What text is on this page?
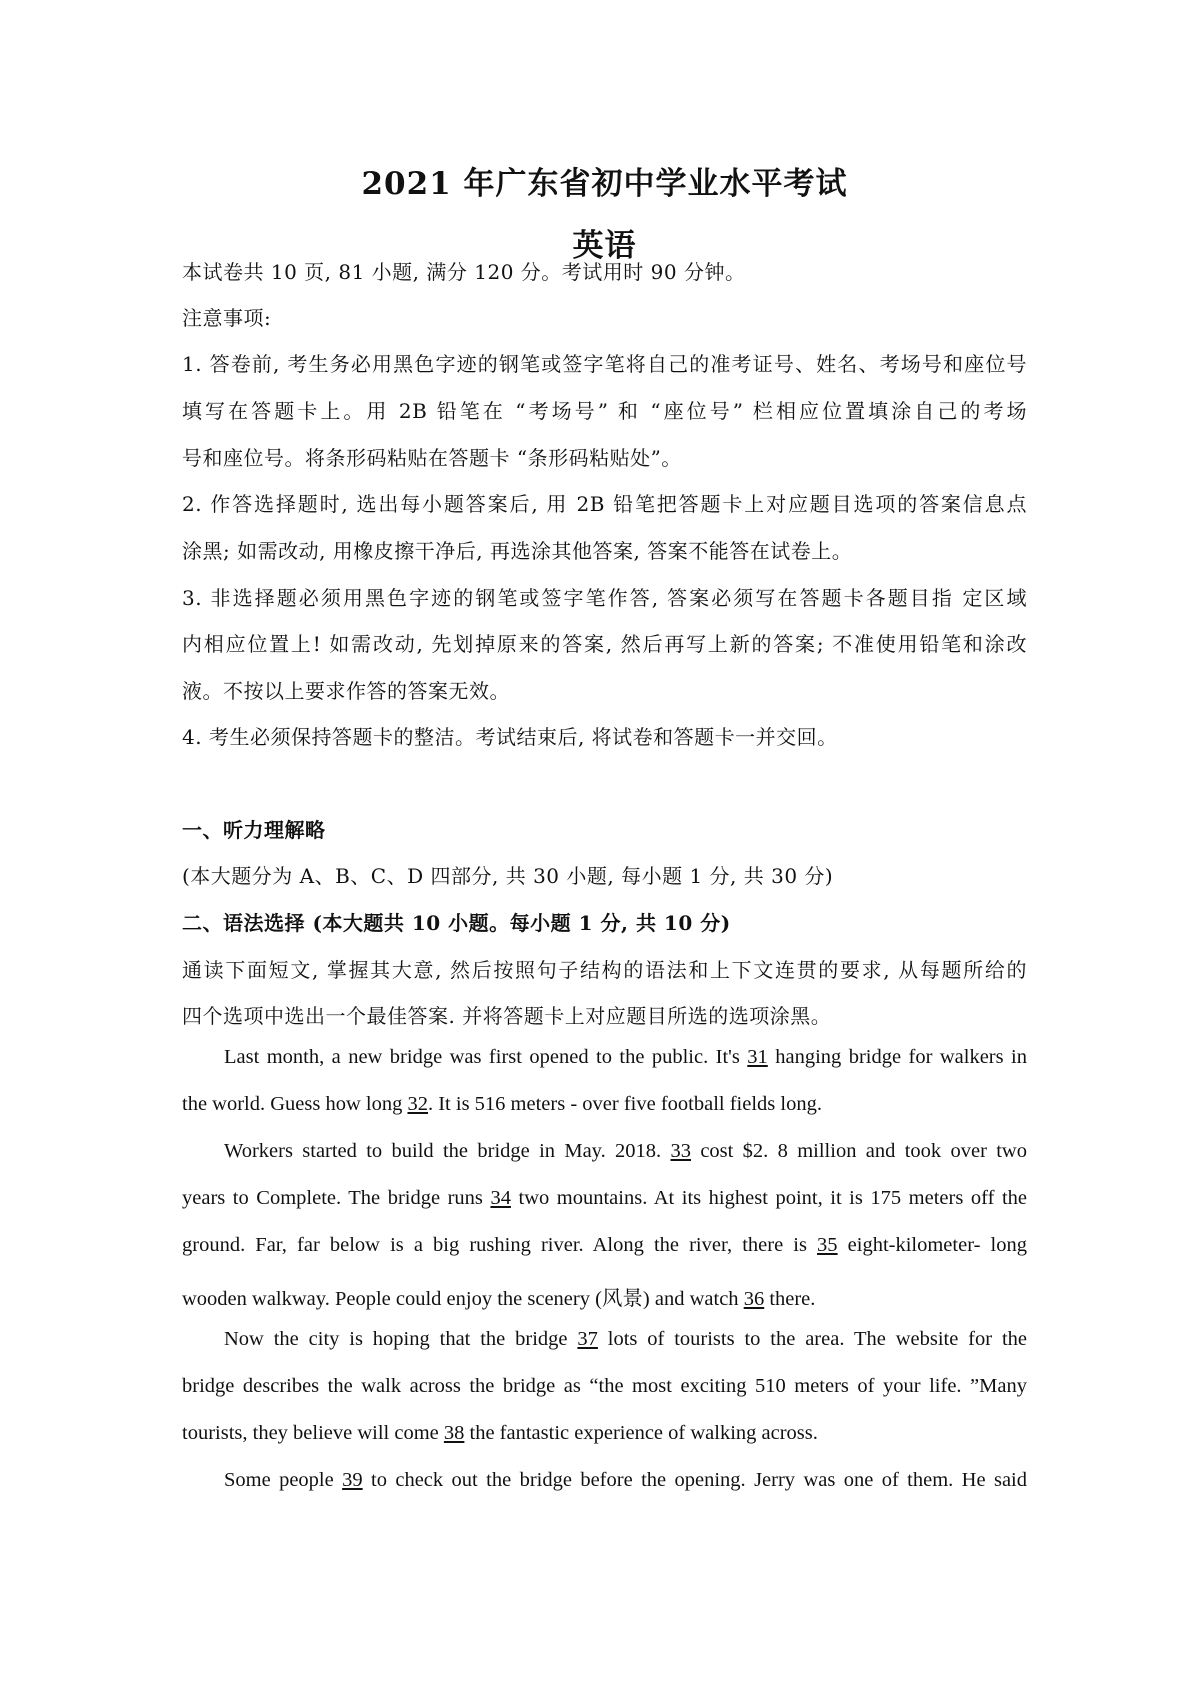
2021 年广东省初中学业水平考试
英语
本试卷共 10 页, 81 小题, 满分 120 分。考试用时 90 分钟。
注意事项:
1. 答卷前, 考生务必用黑色字迹的钢笔或签字笔将自己的准考证号、姓名、考场号和座位号
填写在答题卡上。用 2B 铅笔在 “考场号” 和 “座位号” 栏相应位置填涂自己的考场
号和座位号。将条形码粘贴在答题卡 “条形码粘贴处”。
2. 作答选择题时, 选出每小题答案后, 用 2B 铅笔把答题卡上对应题目选项的答案信息点
涂黑; 如需改动, 用橡皮擦干净后, 再选涂其他答案, 答案不能答在试卷上。
3. 非选择题必须用黑色字迹的钢笔或签字笔作答, 答案必须写在答题卡各题目指 定区域
内相应位置上! 如需改动, 先划掉原来的答案, 然后再写上新的答案; 不准使用铅笔和涂改
液。不按以上要求作答的答案无效。
4. 考生必须保持答题卡的整洁。考试结束后, 将试卷和答题卡一并交回。
一、听力理解略
(本大题分为 A、B、C、D 四部分, 共 30 小题, 每小题 1 分, 共 30 分)
二、语法选择 (本大题共 10 小题。每小题 1 分, 共 10 分)
通读下面短文, 掌握其大意, 然后按照句子结构的语法和上下文连贯的要求, 从每题所给的
四个选项中选出一个最佳答案. 并将答题卡上对应题目所选的选项涂黑。
Last month, a new bridge was first opened to the public. It's 31 hanging bridge for walkers in
the world. Guess how long 32. It is 516 meters - over five football fields long.
Workers started to build the bridge in May. 2018. 33 cost $2. 8 million and took over two
years to Complete. The bridge runs 34 two mountains. At its highest point, it is 175 meters off the
ground. Far, far below is a big rushing river. Along the river, there is 35 eight-kilometer- long
wooden walkway. People could enjoy the scenery (风景) and watch 36 there.
Now the city is hoping that the bridge 37 lots of tourists to the area. The website for the
bridge describes the walk across the bridge as “the most exciting 510 meters of your life. ”Many
tourists, they believe will come 38 the fantastic experience of walking across.
Some people 39 to check out the bridge before the opening. Jerry was one of them. He said
